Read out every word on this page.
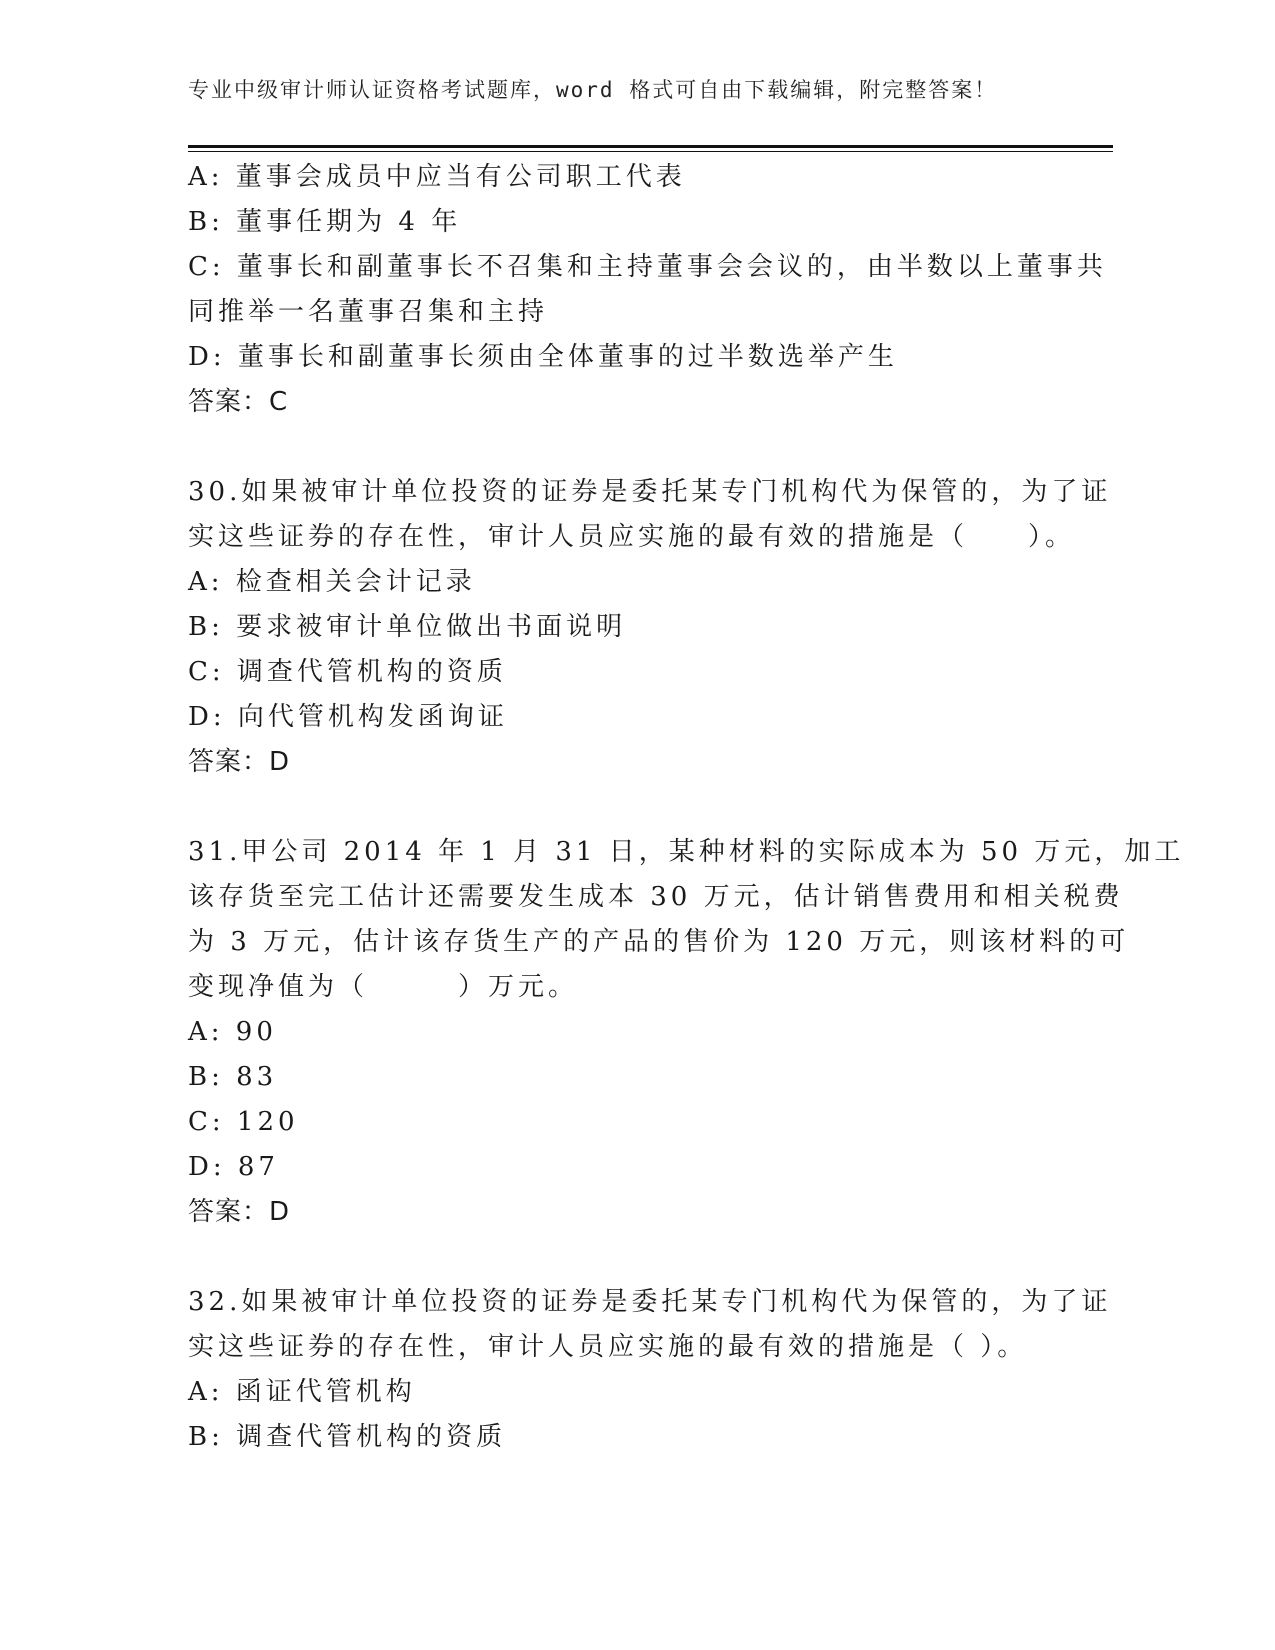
专业中级审计师认证资格考试题库，word 格式可自由下载编辑，附完整答案！
A: 董事会成员中应当有公司职工代表
B: 董事任期为 4 年
C: 董事长和副董事长不召集和主持董事会会议的，由半数以上董事共
同推举一名董事召集和主持
D: 董事长和副董事长须由全体董事的过半数选举产生
答案：C
30.如果被审计单位投资的证券是委托某专门机构代为保管的，为了证
实这些证券的存在性，审计人员应实施的最有效的措施是（　　）。
A: 检查相关会计记录
B: 要求被审计单位做出书面说明
C: 调查代管机构的资质
D: 向代管机构发函询证
答案：D
31.甲公司 2014 年 1 月 31 日，某种材料的实际成本为 50 万元，加工
该存货至完工估计还需要发生成本 30 万元，估计销售费用和相关税费
为 3 万元，估计该存货生产的产品的售价为 120 万元，则该材料的可
变现净值为（　　　）万元。
A: 90
B: 83
C: 120
D: 87
答案：D
32.如果被审计单位投资的证券是委托某专门机构代为保管的，为了证
实这些证券的存在性，审计人员应实施的最有效的措施是（ ）。
A: 函证代管机构
B: 调查代管机构的资质
